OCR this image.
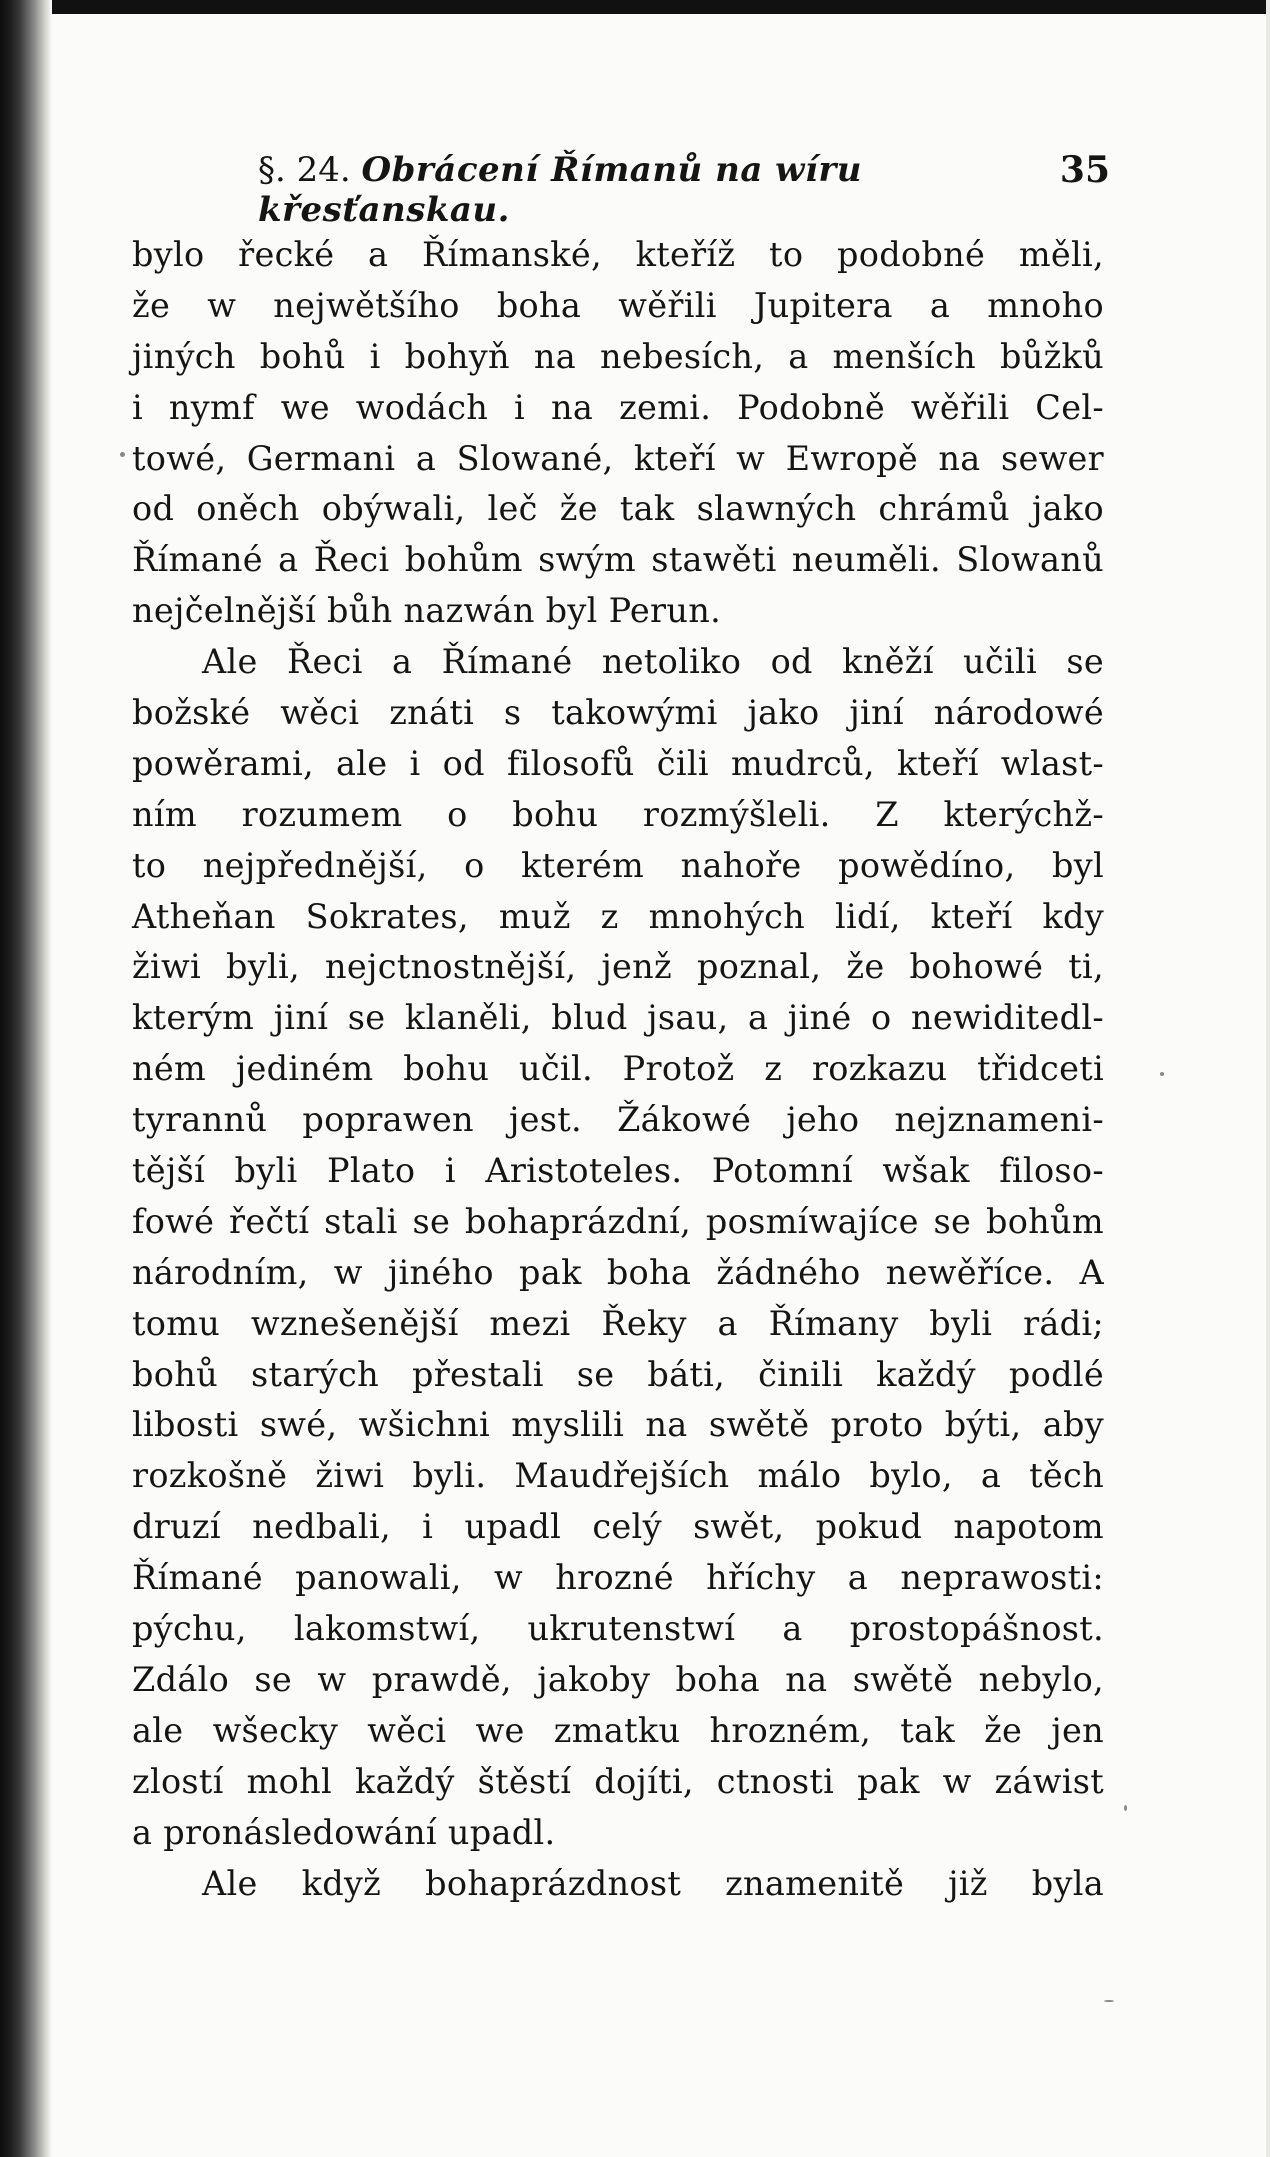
§. 24. Obrácení Římanů na wíru křesťanskau.
35
bylo řecké a Římanské, kteříž to podobné měli,
že w nejwětšího boha wěřili Jupitera a mnoho
jiných bohů i bohyň na nebesích, a menších bůžků
i nymf we wodách i na zemi. Podobně wěřili Cel-
towé, Germani a Slowané, kteří w Ewropě na sewer
od oněch obýwali, leč že tak slawných chrámů jako
Římané a Řeci bohům swým stawěti neuměli. Slowanů
nejčelnější bůh nazwán byl Perun.
Ale Řeci a Římané netoliko od kněží učili se
božské wěci znáti s takowými jako jiní národowé
powěrami, ale i od filosofů čili mudrců, kteří wlast-
ním rozumem o bohu rozmýšleli. Z kterýchž-
to nejpřednější, o kterém nahoře powědíno, byl
Atheňan Sokrates, muž z mnohých lidí, kteří kdy
žiwi byli, nejctnostnější, jenž poznal, že bohowé ti,
kterým jiní se klaněli, blud jsau, a jiné o newiditedl-
ném jediném bohu učil. Protož z rozkazu třidceti
tyrannů poprawen jest. Žákowé jeho nejznameni-
tější byli Plato i Aristoteles. Potomní wšak filoso-
fowé řečtí stali se bohaprázdní, posmíwajíce se bohům
národním, w jiného pak boha žádného newěříce. A
tomu wznešenější mezi Řeky a Římany byli rádi;
bohů starých přestali se báti, činili každý podlé
libosti swé, wšichni myslili na swětě proto býti, aby
rozkošně žiwi byli. Maudřejších málo bylo, a těch
druzí nedbali, i upadl celý swět, pokud napotom
Římané panowali, w hrozné hříchy a neprawosti:
pýchu, lakomstwí, ukrutenstwí a prostopášnost.
Zdálo se w prawdě, jakoby boha na swětě nebylo,
ale wšecky wěci we zmatku hrozném, tak že jen
zlostí mohl každý štěstí dojíti, ctnosti pak w záwist
a pronásledowání upadl.
Ale když bohaprázdnost znamenitě již byla
